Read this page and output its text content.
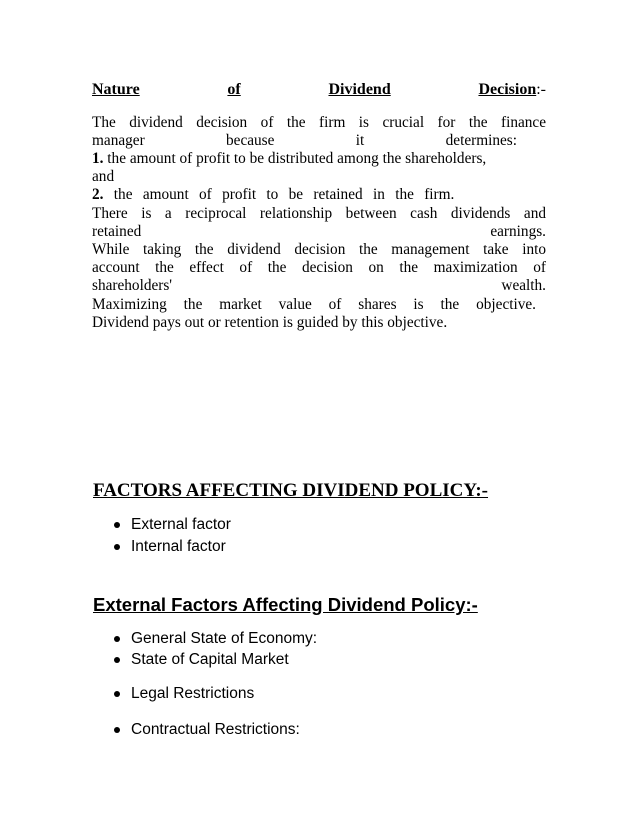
Nature	of	Dividend	Decision:-
The dividend decision of the firm is crucial for the finance
manager	because	it	determines:
1. the amount of profit to be distributed among the shareholders,
and
2. the amount of profit to be retained in the firm.
There is a reciprocal relationship between cash dividends and
retained	earnings.
While taking the dividend decision the management take into
account the effect of the decision on the maximization of
shareholders'	wealth.
Maximizing the market value of shares is the objective.
Dividend pays out or retention is guided by this objective.
FACTORS AFFECTING DIVIDEND POLICY:-
External factor
Internal factor
External Factors Affecting Dividend Policy:-
General State of Economy:
State of Capital Market
Legal Restrictions
Contractual Restrictions:
